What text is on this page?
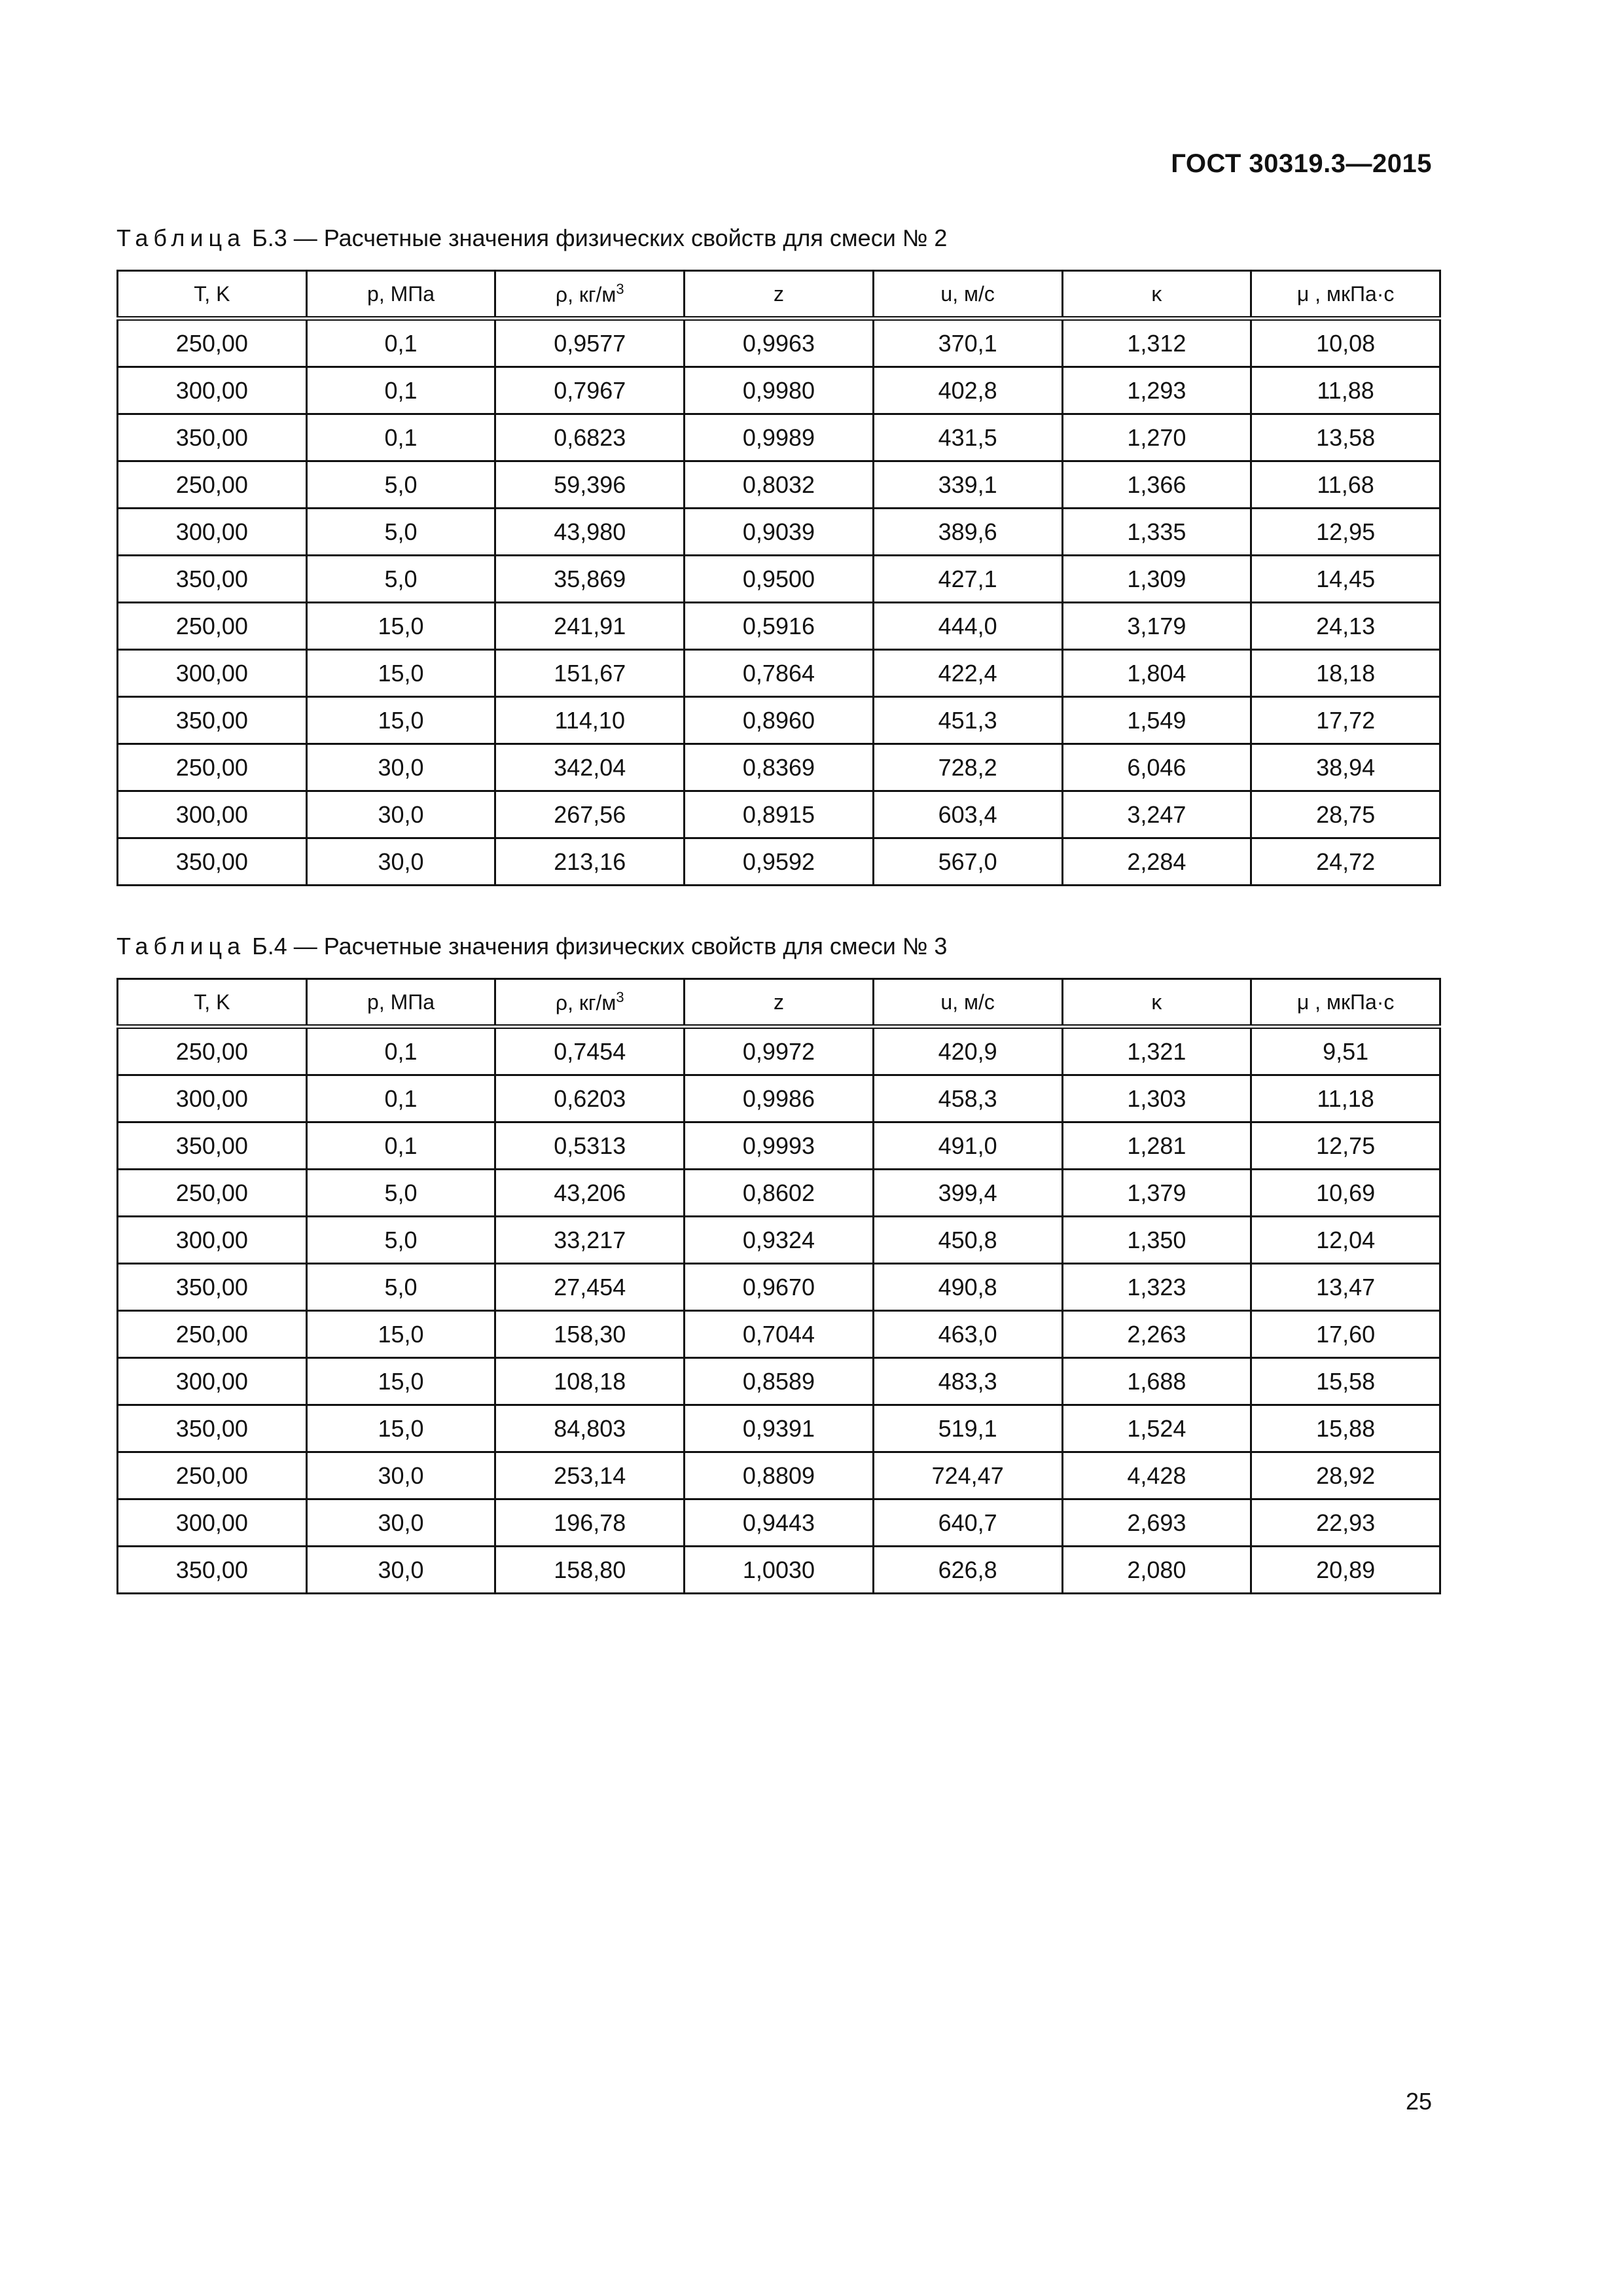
ГОСТ 30319.3—2015
Таблица Б.3 — Расчетные значения физических свойств для смеси № 2
T, K	p, МПа	ρ, $кг/м^3$	z	u, м/с	κ	μ , мкПа·с
250,00	0,1	0,9577	0,9963	370,1	1,312	10,08
300,00	0,1	0,7967	0,9980	402,8	1,293	11,88
350,00	0,1	0,6823	0,9989	431,5	1,270	13,58
250,00	5,0	59,396	0,8032	339,1	1,366	11,68
300,00	5,0	43,980	0,9039	389,6	1,335	12,95
350,00	5,0	35,869	0,9500	427,1	1,309	14,45
250,00	15,0	241,91	0,5916	444,0	3,179	24,13
300,00	15,0	151,67	0,7864	422,4	1,804	18,18
350,00	15,0	114,10	0,8960	451,3	1,549	17,72
250,00	30,0	342,04	0,8369	728,2	6,046	38,94
300,00	30,0	267,56	0,8915	603,4	3,247	28,75
350,00	30,0	213,16	0,9592	567,0	2,284	24,72
Таблица Б.4 — Расчетные значения физических свойств для смеси № 3
T, K	p, МПа	ρ, $кг/м^3$	z	u, м/с	κ	μ , мкПа·с
250,00	0,1	0,7454	0,9972	420,9	1,321	9,51
300,00	0,1	0,6203	0,9986	458,3	1,303	11,18
350,00	0,1	0,5313	0,9993	491,0	1,281	12,75
250,00	5,0	43,206	0,8602	399,4	1,379	10,69
300,00	5,0	33,217	0,9324	450,8	1,350	12,04
350,00	5,0	27,454	0,9670	490,8	1,323	13,47
250,00	15,0	158,30	0,7044	463,0	2,263	17,60
300,00	15,0	108,18	0,8589	483,3	1,688	15,58
350,00	15,0	84,803	0,9391	519,1	1,524	15,88
250,00	30,0	253,14	0,8809	724,47	4,428	28,92
300,00	30,0	196,78	0,9443	640,7	2,693	22,93
350,00	30,0	158,80	1,0030	626,8	2,080	20,89
25
